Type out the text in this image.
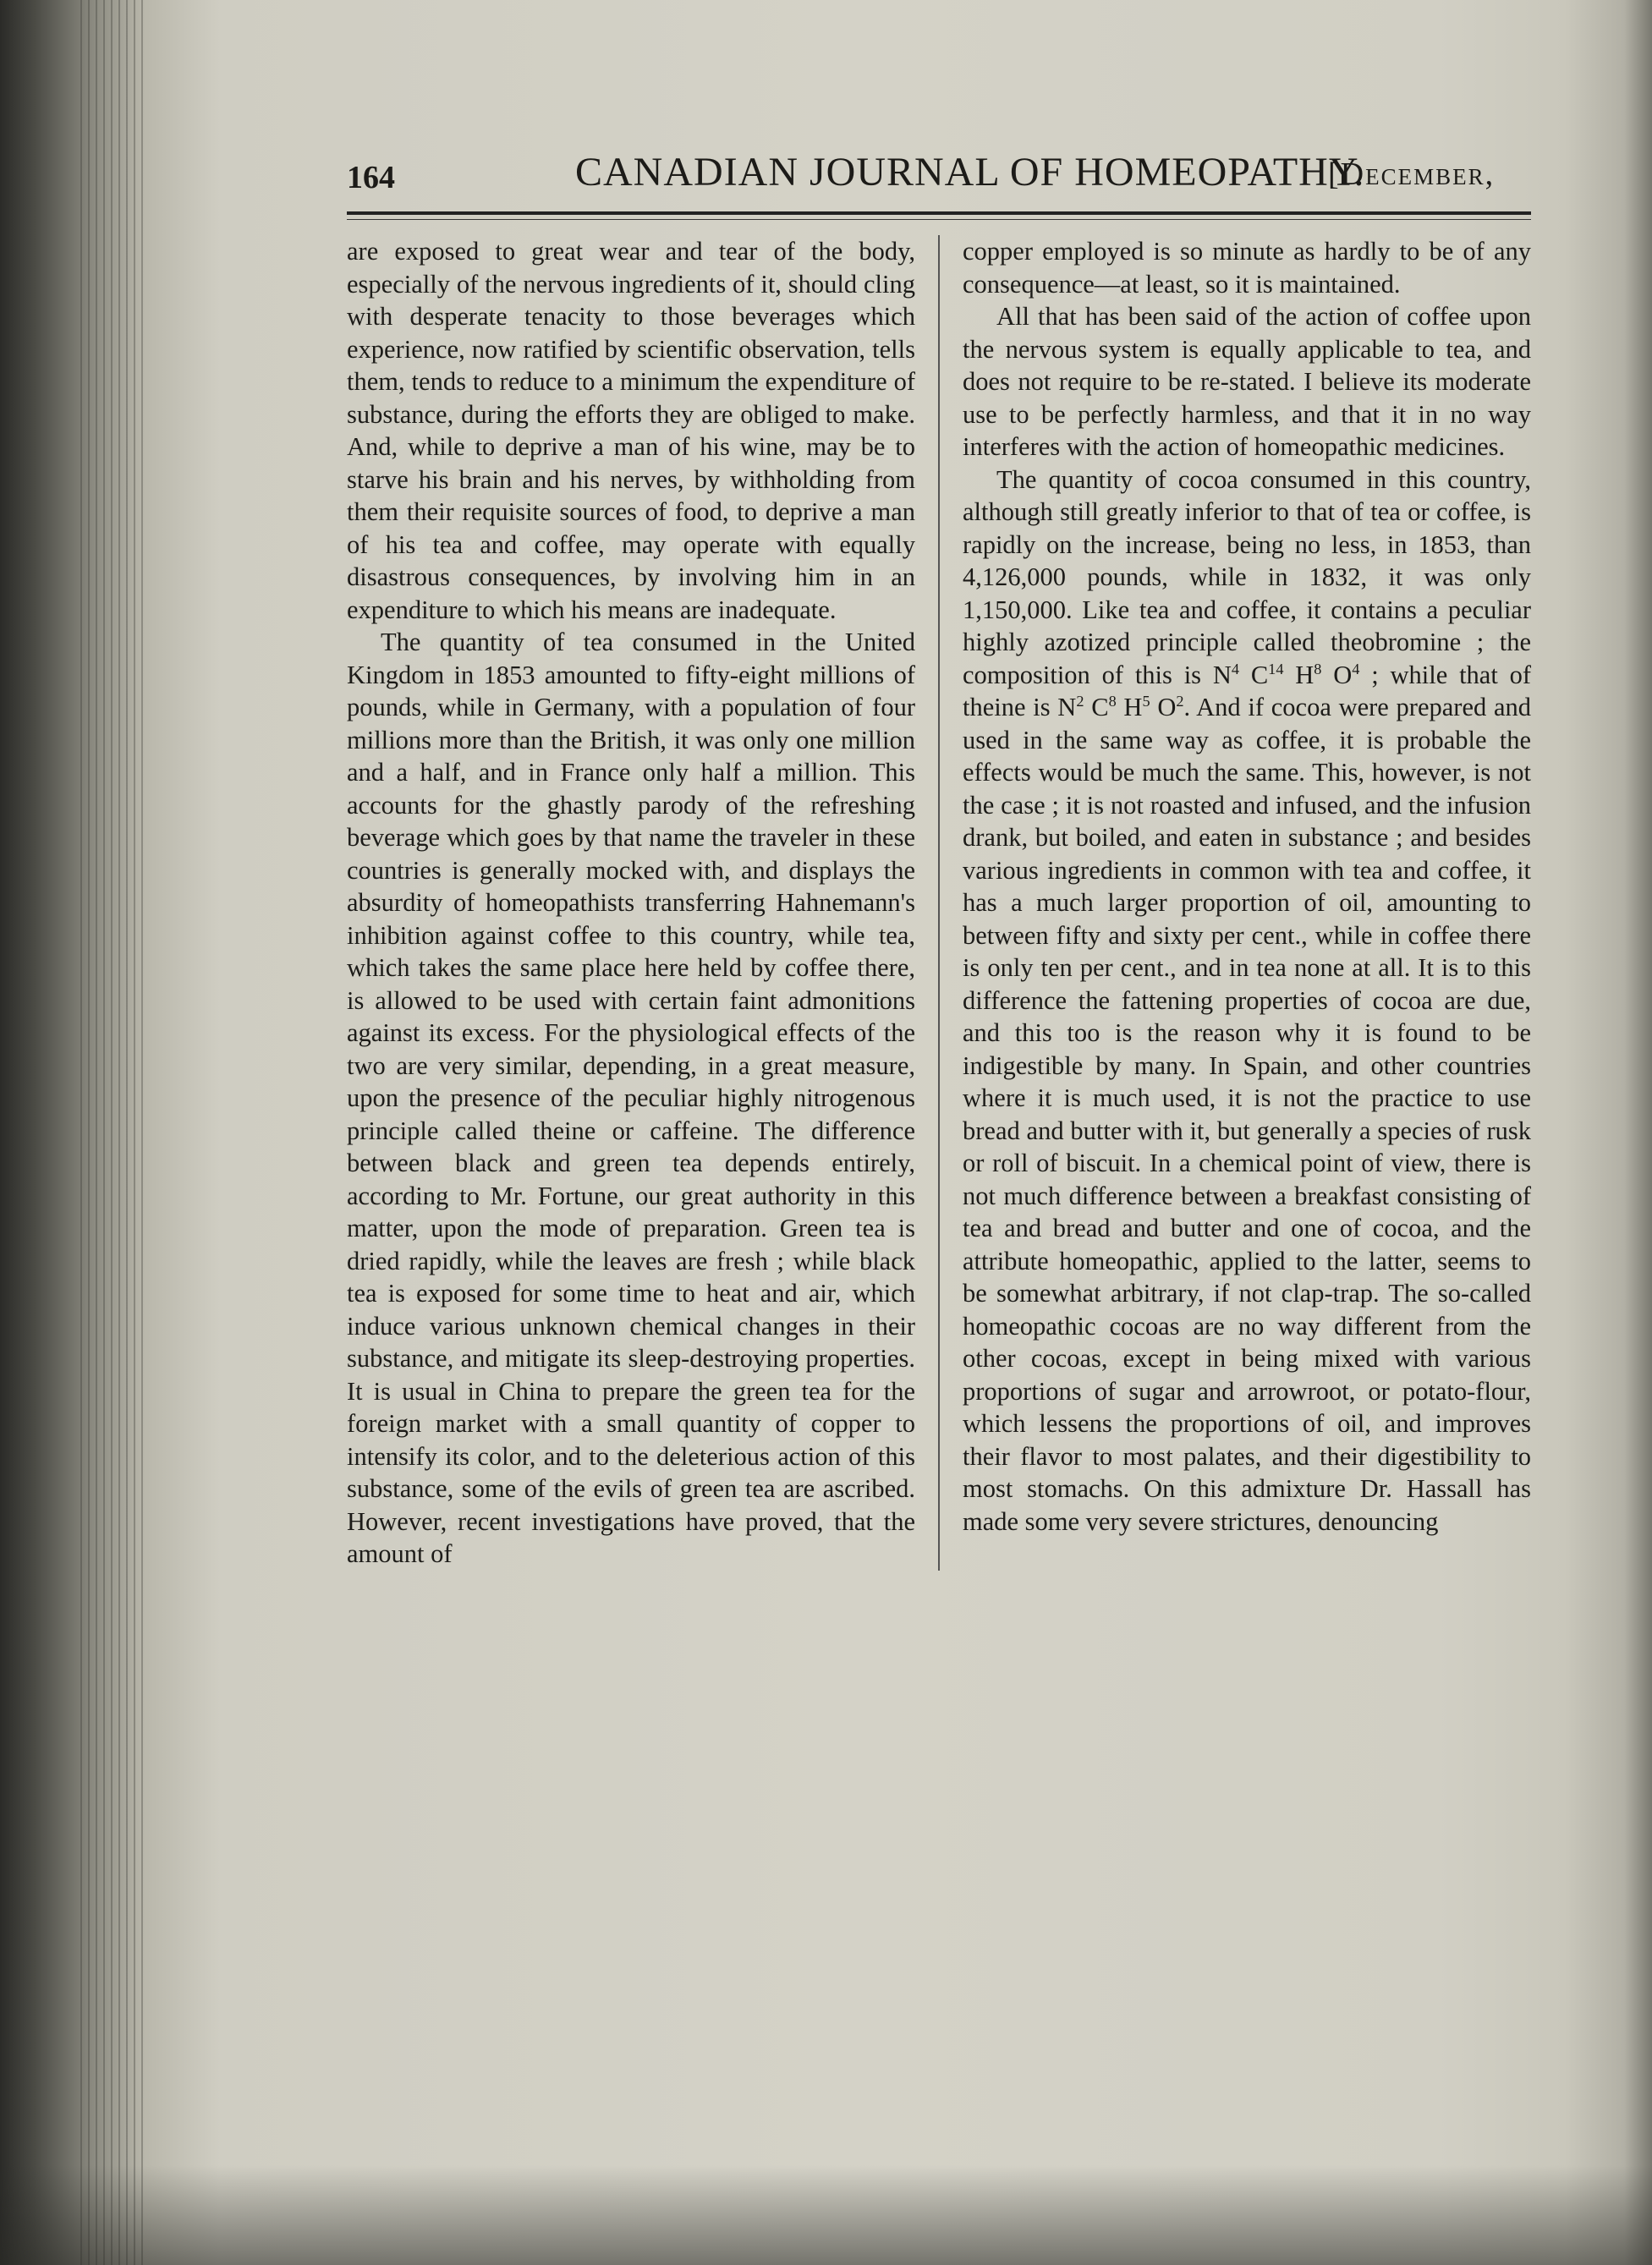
164	CANADIAN JOURNAL OF HOMEOPATHY.
[December,

are exposed to great wear and tear of the body, especially of the nervous ingredients of it, should cling with desperate tenacity to those beverages which experience, now ratified by scientific observation, tells them, tends to reduce to a minimum the expenditure of substance, during the efforts they are obliged to make. And, while to deprive a man of his wine, may be to starve his brain and his nerves, by withholding from them their requisite sources of food, to deprive a man of his tea and coffee, may operate with equally disastrous consequences, by involving him in an expenditure to which his means are inadequate.

The quantity of tea consumed in the United Kingdom in 1853 amounted to fifty-eight millions of pounds, while in Germany, with a population of four millions more than the British, it was only one million and a half, and in France only half a million. This accounts for the ghastly parody of the refreshing beverage which goes by that name the traveler in these countries is generally mocked with, and displays the absurdity of homeopathists transferring Hahnemann's inhibition against coffee to this country, while tea, which takes the same place here held by coffee there, is allowed to be used with certain faint admonitions against its excess. For the physiological effects of the two are very similar, depending, in a great measure, upon the presence of the peculiar highly nitrogenous principle called theine or caffeine. The difference between black and green tea depends entirely, according to Mr. Fortune, our great authority in this matter, upon the mode of preparation. Green tea is dried rapidly, while the leaves are fresh ; while black tea is exposed for some time to heat and air, which induce various unknown chemical changes in their substance, and mitigate its sleep-destroying properties. It is usual in China to prepare the green tea for the foreign market with a small quantity of copper to intensify its color, and to the deleterious action of this substance, some of the evils of green tea are ascribed. However, recent investigations have proved, that the amount of

copper employed is so minute as hardly to be of any consequence—at least, so it is maintained.

All that has been said of the action of coffee upon the nervous system is equally applicable to tea, and does not require to be re-stated. I believe its moderate use to be perfectly harmless, and that it in no way interferes with the action of homeopathic medicines.

The quantity of cocoa consumed in this country, although still greatly inferior to that of tea or coffee, is rapidly on the increase, being no less, in 1853, than 4,126,000 pounds, while in 1832, it was only 1,150,000. Like tea and coffee, it contains a peculiar highly azotized principle called theobromine ; the composition of this is $N^4$ $C^{14}$ $H^8$ $O^4$ ; while that of theine is $N^2$ $C^8$ $H^5$ $O^2$. And if cocoa were prepared and used in the same way as coffee, it is probable the effects would be much the same. This, however, is not the case ; it is not roasted and infused, and the infusion drank, but boiled, and eaten in substance ; and besides various ingredients in common with tea and coffee, it has a much larger proportion of oil, amounting to between fifty and sixty per cent., while in coffee there is only ten per cent., and in tea none at all. It is to this difference the fattening properties of cocoa are due, and this too is the reason why it is found to be indigestible by many. In Spain, and other countries where it is much used, it is not the practice to use bread and butter with it, but generally a species of rusk or roll of biscuit. In a chemical point of view, there is not much difference between a breakfast consisting of tea and bread and butter and one of cocoa, and the attribute homeopathic, applied to the latter, seems to be somewhat arbitrary, if not clap-trap. The so-called homeopathic cocoas are no way different from the other cocoas, except in being mixed with various proportions of sugar and arrowroot, or potato-flour, which lessens the proportions of oil, and improves their flavor to most palates, and their digestibility to most stomachs. On this admixture Dr. Hassall has made some very severe strictures, denouncing
